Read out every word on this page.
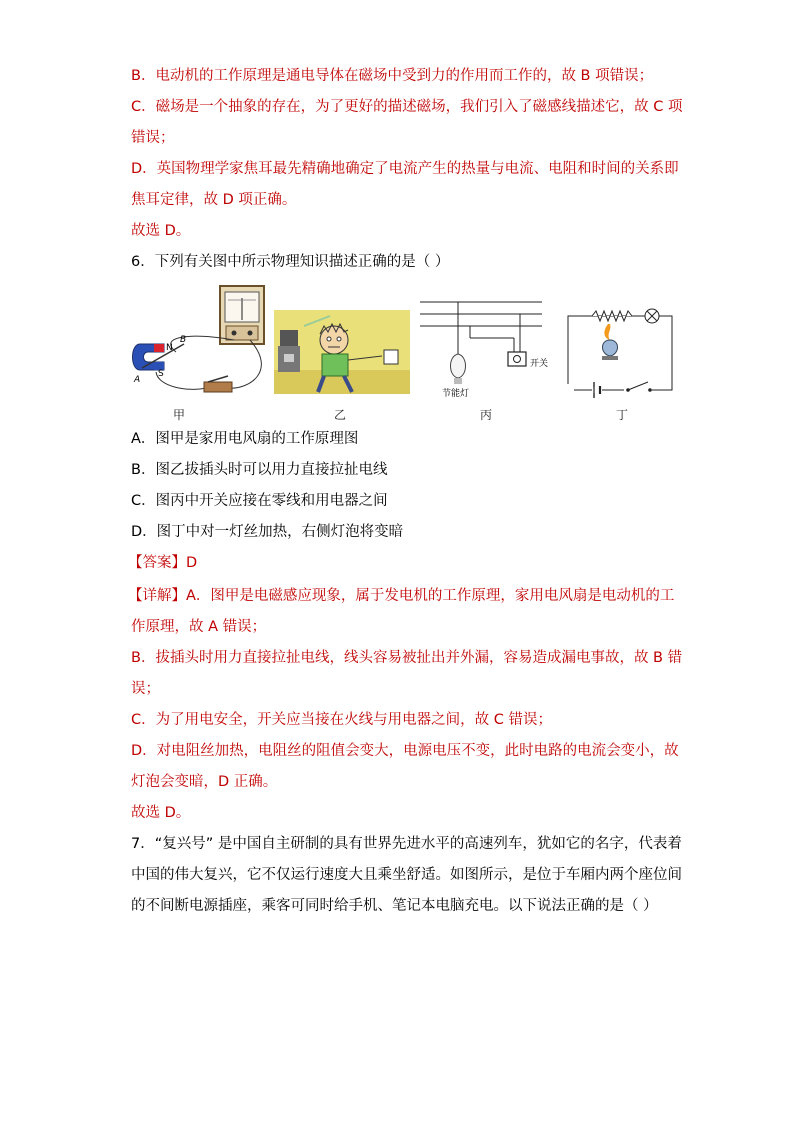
B．电动机的工作原理是通电导体在磁场中受到力的作用而工作的，故 B 项错误；
C．磁场是一个抽象的存在，为了更好的描述磁场，我们引入了磁感线描述它，故 C 项
错误；
D．英国物理学家焦耳最先精确地确定了电流产生的热量与电流、电阻和时间的关系即
焦耳定律，故 D 项正确。
故选 D。
6．下列有关图中所示物理知识描述正确的是（ ）
N
S
A
B
甲	乙
节能灯
开关
丙	丁
A．图甲是家用电风扇的工作原理图
B．图乙拔插头时可以用力直接拉扯电线
C．图丙中开关应接在零线和用电器之间
D．图丁中对一灯丝加热，右侧灯泡将变暗
【答案】D
【详解】A．图甲是电磁感应现象，属于发电机的工作原理，家用电风扇是电动机的工
作原理，故 A 错误；
B．拔插头时用力直接拉扯电线，线头容易被扯出并外漏，容易造成漏电事故，故 B 错
误；
C．为了用电安全，开关应当接在火线与用电器之间，故 C 错误；
D．对电阻丝加热，电阻丝的阻值会变大，电源电压不变，此时电路的电流会变小，故
灯泡会变暗，D 正确。
故选 D。
7．“复兴号” 是中国自主研制的具有世界先进水平的高速列车，犹如它的名字，代表着
中国的伟大复兴，它不仅运行速度大且乘坐舒适。如图所示，是位于车厢内两个座位间
的不间断电源插座，乘客可同时给手机、笔记本电脑充电。以下说法正确的是（ ）
